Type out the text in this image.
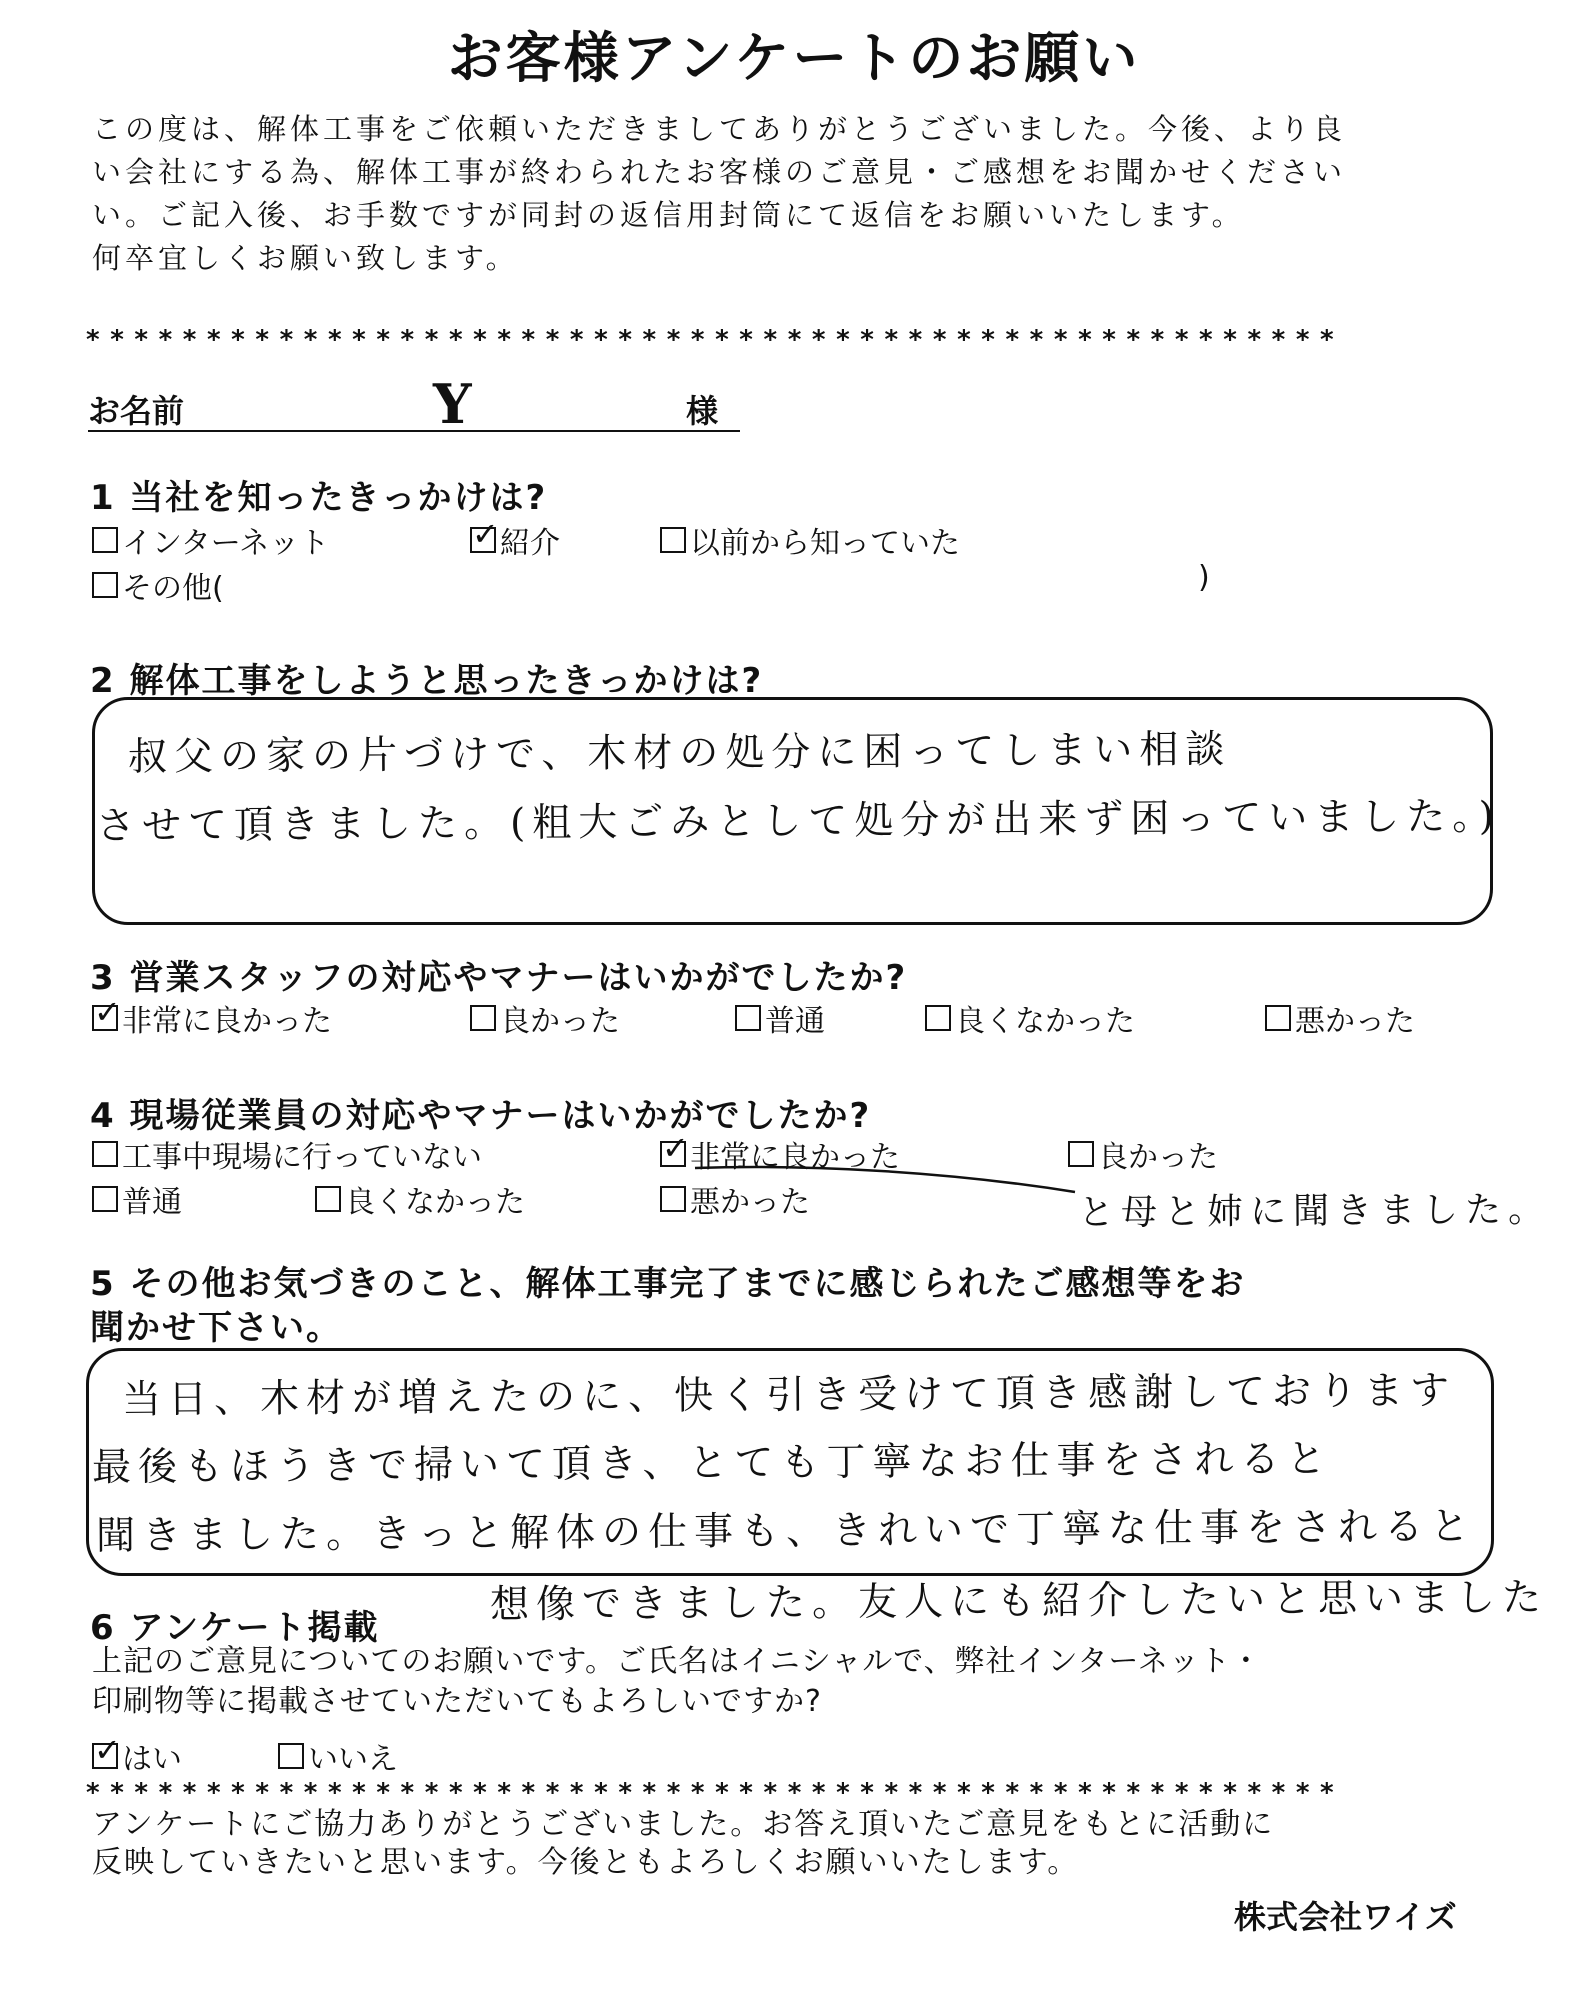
お客様アンケートのお願い
この度は、解体工事をご依頼いただきましてありがとうございました。今後、より良
い会社にする為、解体工事が終わられたお客様のご意見・ご感想をお聞かせください
い。ご記入後、お手数ですが同封の返信用封筒にて返信をお願いいたします。
何卒宜しくお願い致します。
****************************************************
お名前	Y	様
1 当社を知ったきっかけは?
インターネット ✓	紹介	以前から知っていた
その他(	)
2 解体工事をしようと思ったきっかけは?
叔父の家の片づけで、木材の処分に困ってしまい相談
させて頂きました。(粗大ごみとして処分が出来ず困っていました。)
3 営業スタッフの対応やマナーはいかがでしたか?
✓
非常に良かった	良かった	普通	良くなかった	悪かった
4 現場従業員の対応やマナーはいかがでしたか?
工事中現場に行っていない ✓	非常に良かった	良かった
普通	良くなかった	悪かった	と母と姉に聞きました。
5 その他お気づきのこと、解体工事完了までに感じられたご感想等をお
聞かせ下さい。
当日、木材が増えたのに、快く引き受けて頂き感謝しております
最後もほうきで掃いて頂き、とても丁寧なお仕事をされると
聞きました。きっと解体の仕事も、きれいで丁寧な仕事をされると
想像できました。友人にも紹介したいと思いました
6 アンケート掲載
上記のご意見についてのお願いです。ご氏名はイニシャルで、弊社インターネット・
印刷物等に掲載させていただいてもよろしいですか?
✓
はい	いいえ
****************************************************
アンケートにご協力ありがとうございました。お答え頂いたご意見をもとに活動に
反映していきたいと思います。今後ともよろしくお願いいたします。
株式会社ワイズ
